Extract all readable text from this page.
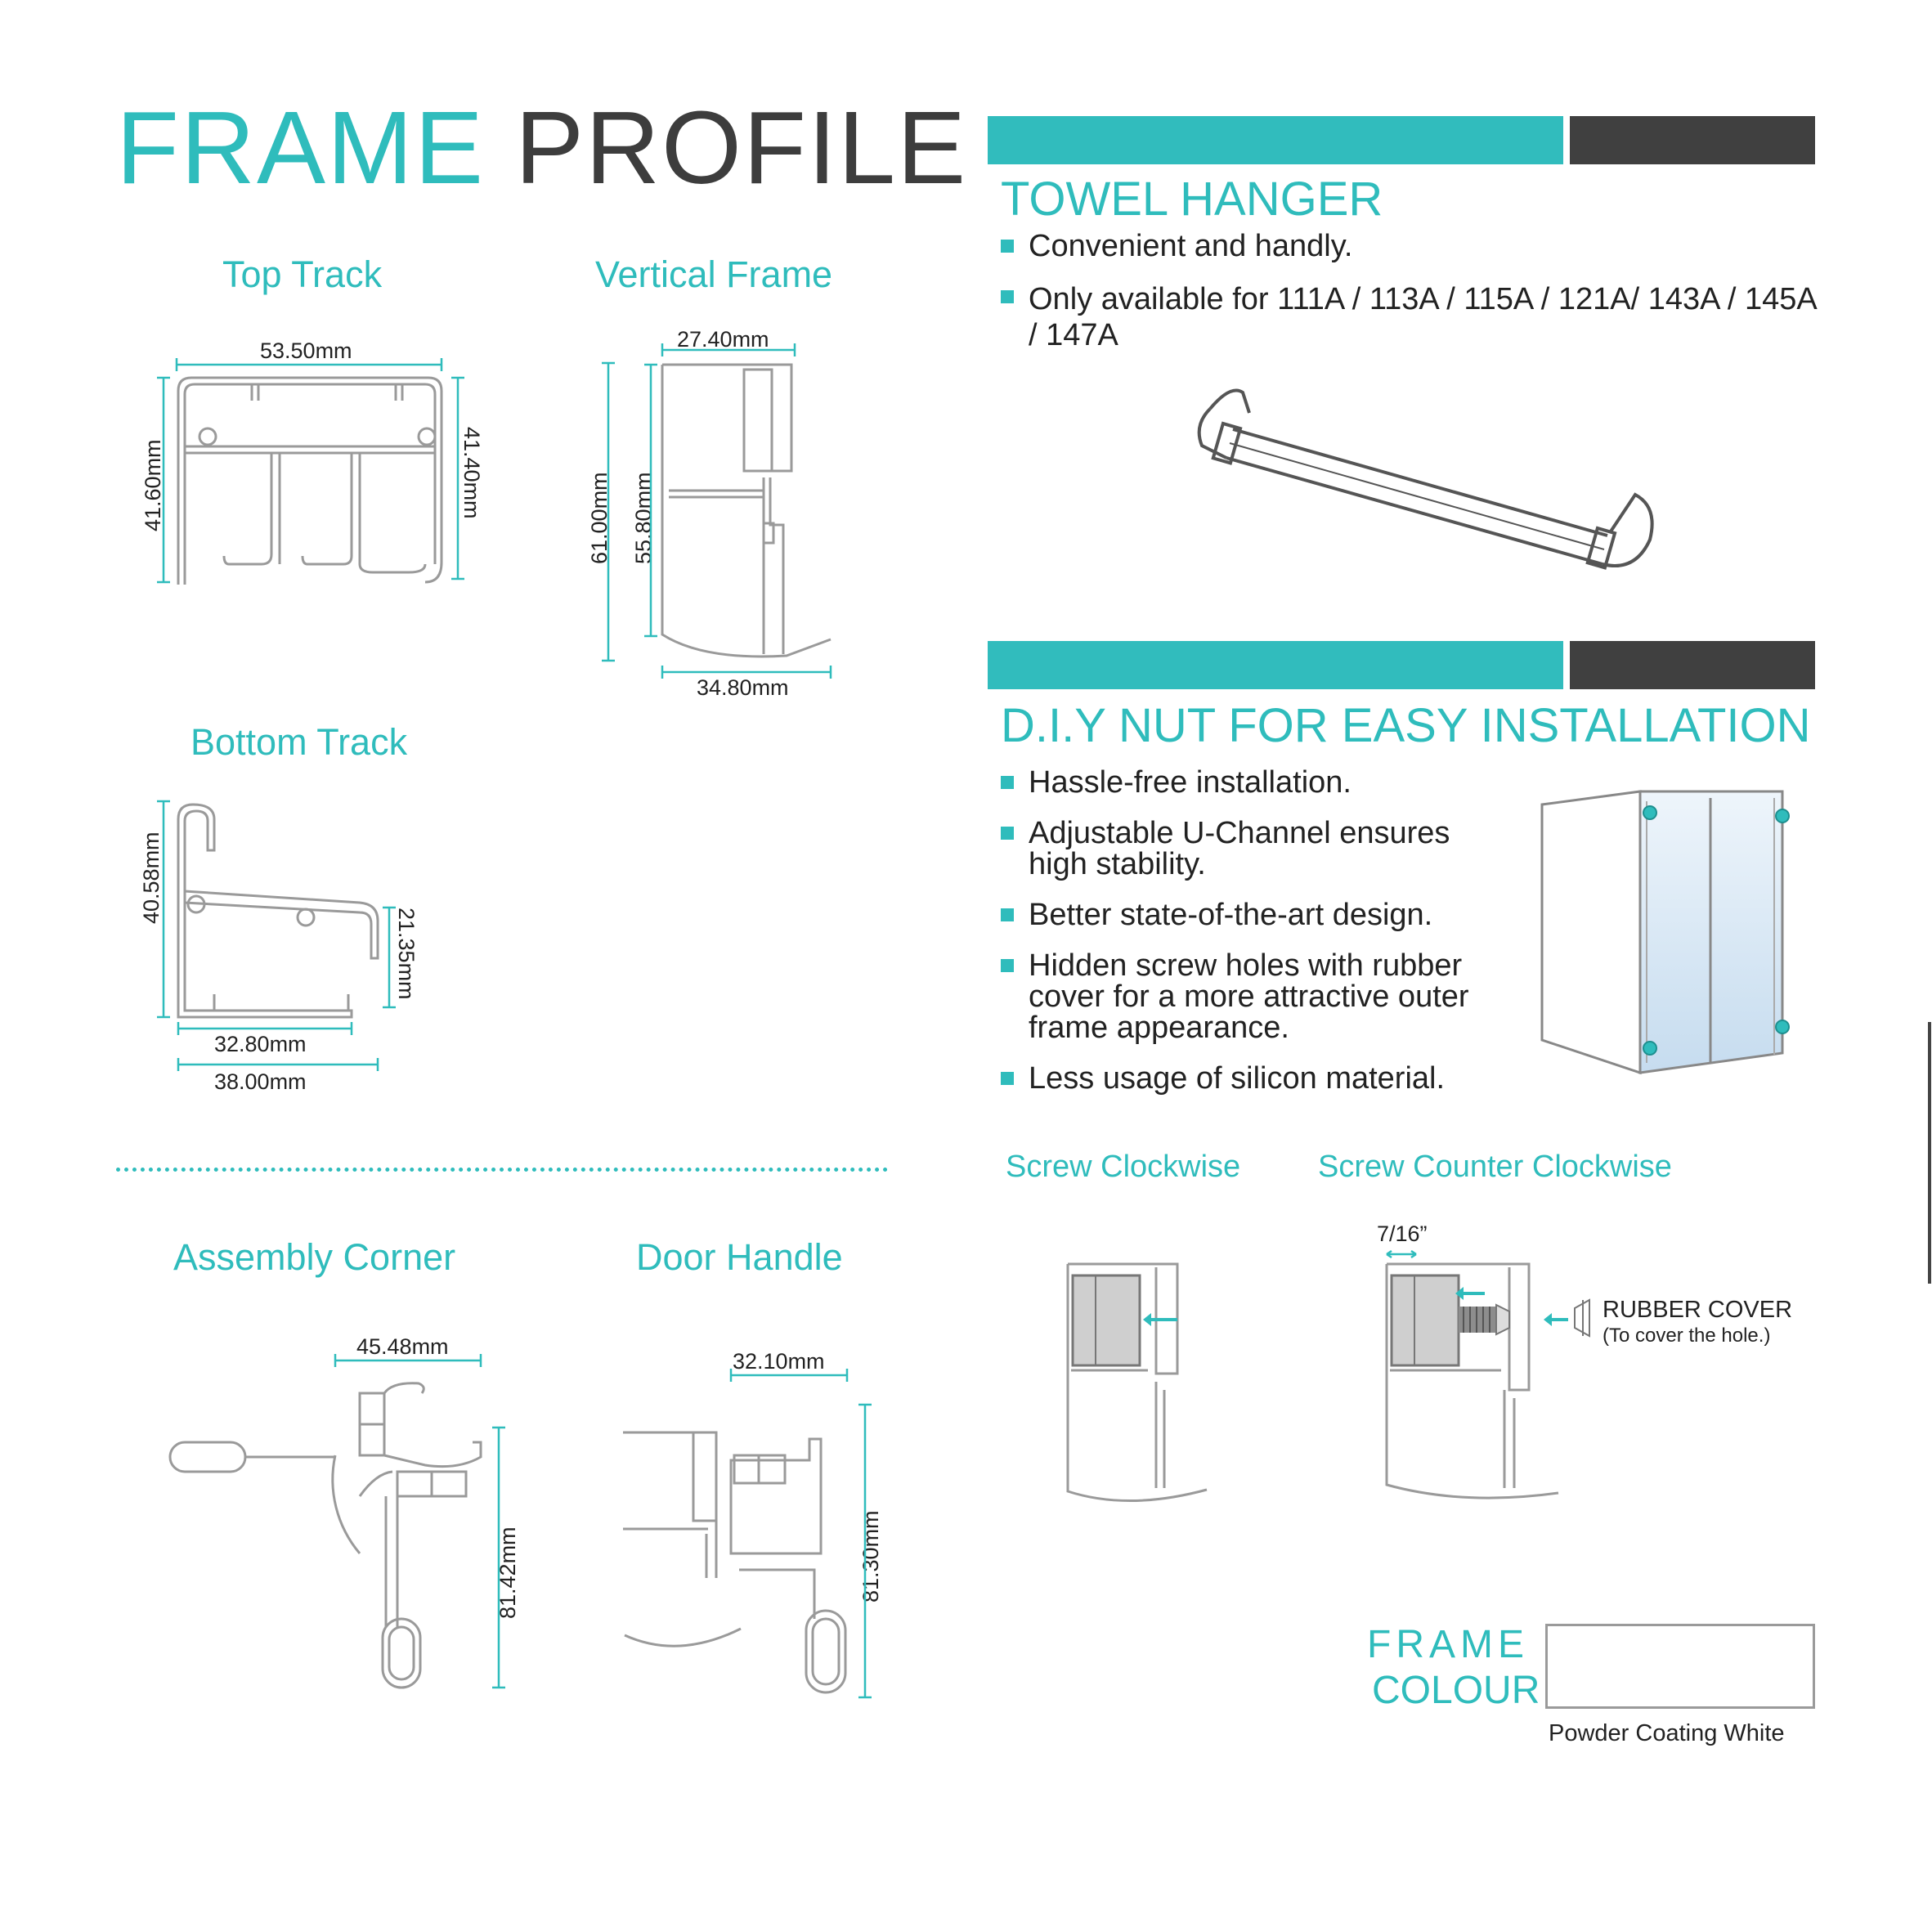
FRAME PROFILE
Top Track
53.50mm
41.60mm	41.40mm
Vertical Frame
27.40mm
61.00mm 55.80mm
34.80mm
Bottom Track
40.58mm
21.35mm
32.80mm
38.00mm
Assembly Corner
45.48mm
81.42mm
Door Handle
32.10mm
81.30mm
TOWEL HANGER
Convenient and handly.
Only available for 111A / 113A / 115A / 121A/ 143A / 145A / 147A
D.I.Y NUT FOR EASY INSTALLATION
Hassle-free installation.
Adjustable U-Channel ensures high stability.
Better state-of-the-art design.
Hidden screw holes with rubber cover for a more attractive outer frame appearance.
Less usage of silicon material.
Screw Clockwise Screw Counter Clockwise
7/16”
RUBBER COVER
(To cover the hole.)
FRAME
COLOUR
Powder Coating White
